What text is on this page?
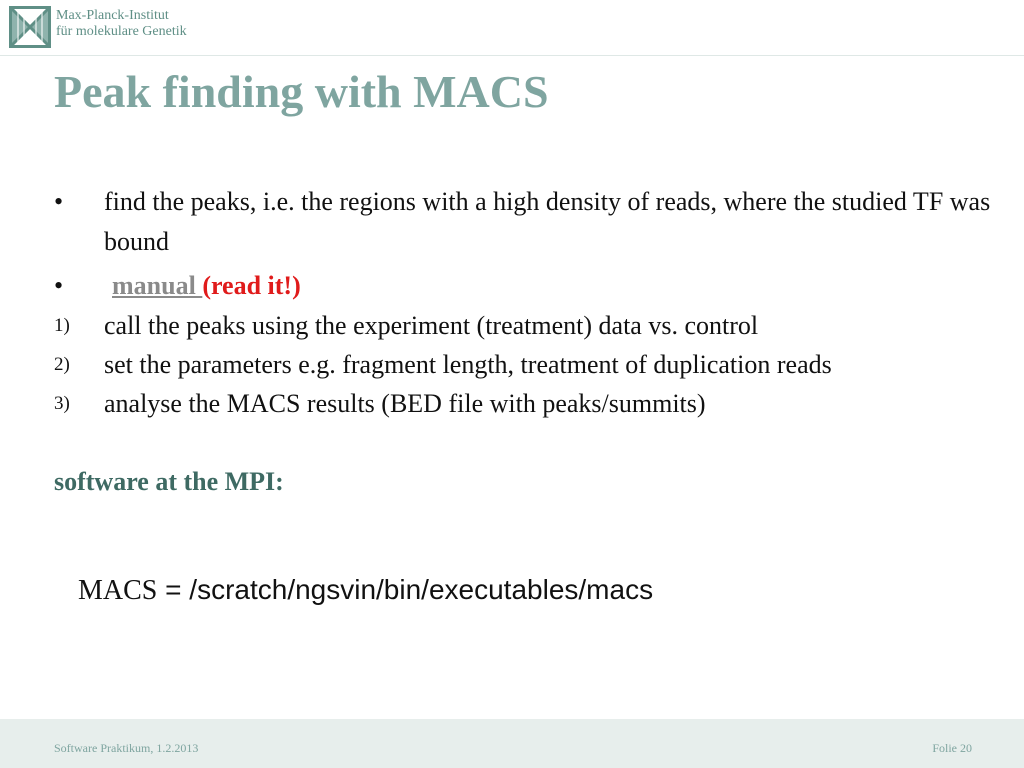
Max-Planck-Institut
für molekulare Genetik
Peak finding with MACS
• find the peaks, i.e. the regions with a high density of reads, where the studied TF was bound
• manual (read it!)
1) call the peaks using the experiment (treatment) data vs. control
2) set the parameters e.g. fragment length, treatment of duplication reads
3) analyse the MACS results (BED file with peaks/summits)
software at the MPI:
MACS = /scratch/ngsvin/bin/executables/macs
Software Praktikum, 1.2.2013	Folie 20
